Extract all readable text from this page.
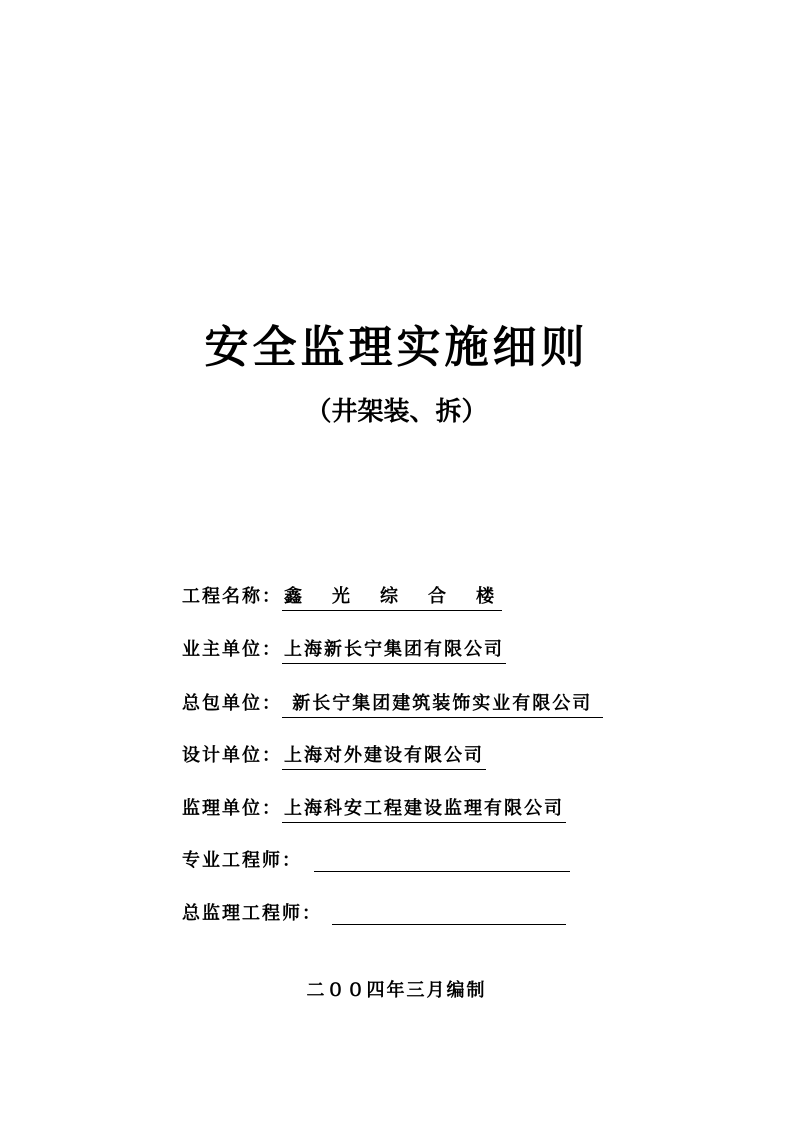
安全监理实施细则
（井架装、拆）
工程名称： 鑫　光　综　合　楼
业主单位： 上海新长宁集团有限公司
总包单位： 新长宁集团建筑装饰实业有限公司
设计单位： 上海对外建设有限公司
监理单位： 上海科安工程建设监理有限公司
专业工程师：
总监理工程师：
二００四年三月编制
